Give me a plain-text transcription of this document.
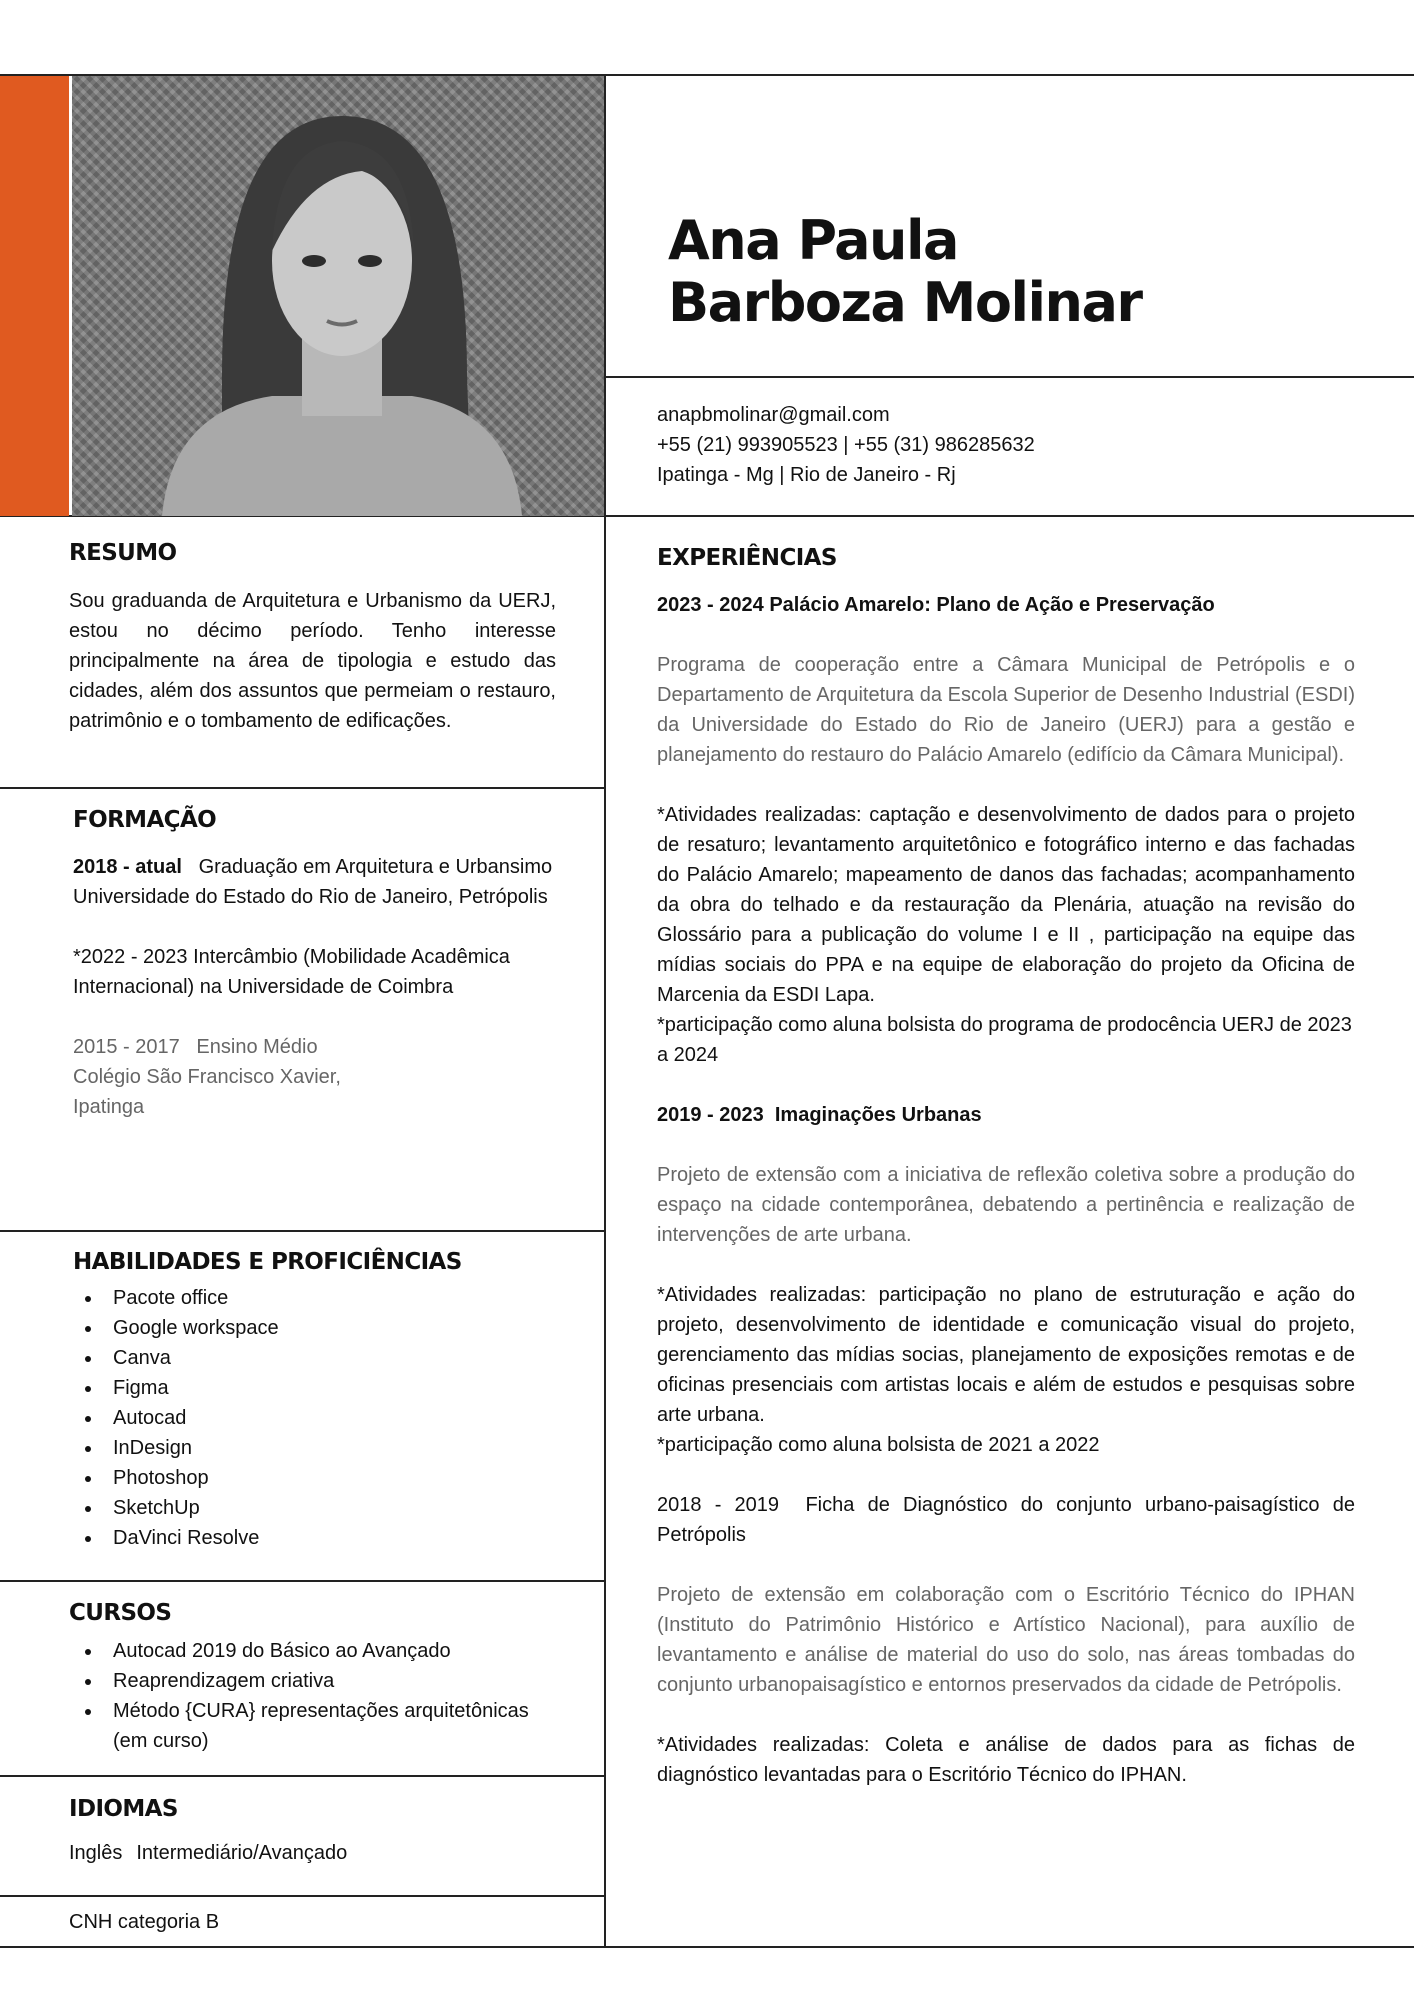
Ana Paula
Barboza Molinar
anapbmolinar@gmail.com
+55 (21) 993905523 | +55 (31) 986285632
Ipatinga - Mg | Rio de Janeiro - Rj
RESUMO
Sou graduanda de Arquitetura e Urbanismo da UERJ, estou no décimo período. Tenho interesse principalmente na área de tipologia e estudo das cidades, além dos assuntos que permeiam o restauro, patrimônio e o tombamento de edificações.
FORMAÇÃO

2018 - atual Graduação em Arquitetura e Urbansimo

Universidade do Estado do Rio de Janeiro, Petrópolis

*2022 - 2023 Intercâmbio (Mobilidade Acadêmica Internacional) na Universidade de Coimbra

2015 - 2017   Ensino Médio

Colégio São Francisco Xavier,

Ipatinga

HABILIDADES E PROFICIÊNCIAS
Pacote office
Google workspace
Canva
Figma
Autocad
InDesign
Photoshop
SketchUp
DaVinci Resolve
CURSOS
Autocad 2019 do Básico ao Avançado
Reaprendizagem criativa
Método {CURA} representações arquitetônicas (em curso)
IDIOMAS
Inglês Intermediário/Avançado
CNH categoria B
EXPERIÊNCIAS

2023 - 2024 Palácio Amarelo: Plano de Ação e Preservação

Programa de cooperação entre a Câmara Municipal de Petrópolis e o Departamento de Arquitetura da Escola Superior de Desenho Industrial (ESDI) da Universidade do Estado do Rio de Janeiro (UERJ) para a gestão e planejamento do restauro do Palácio Amarelo (edifício da Câmara Municipal).

*Atividades realizadas: captação e desenvolvimento de dados para o projeto de resaturo; levantamento arquitetônico e fotográfico interno e das fachadas do Palácio Amarelo; mapeamento de danos das fachadas; acompanhamento da obra do telhado e da restauração da Plenária, atuação na revisão do Glossário para a publicação do volume I e II , participação na equipe das mídias sociais do PPA e na equipe de elaboração do projeto da Oficina de Marcenia da ESDI Lapa.

*participação como aluna bolsista do programa de prodocência UERJ de 2023 a 2024

2019 - 2023  Imaginações Urbanas

Projeto de extensão com a iniciativa de reflexão coletiva sobre a produção do espaço na cidade contemporânea, debatendo a pertinência e realização de intervenções de arte urbana.

*Atividades realizadas: participação no plano de estruturação e ação do projeto, desenvolvimento de identidade e comunicação visual do projeto, gerenciamento das mídias socias, planejamento de exposições remotas e de oficinas presenciais com artistas locais e além de estudos e pesquisas sobre arte urbana.

*participação como aluna bolsista de 2021 a 2022

2018 - 2019  Ficha de Diagnóstico do conjunto urbano-paisagístico de Petrópolis

Projeto de extensão em colaboração com o Escritório Técnico do IPHAN (Instituto do Patrimônio Histórico e Artístico Nacional), para auxílio de levantamento e análise de material do uso do solo, nas áreas tombadas do conjunto urbanopaisagístico e entornos preservados da cidade de Petrópolis.

*Atividades realizadas: Coleta e análise de dados para as fichas de diagnóstico levantadas para o Escritório Técnico do IPHAN.
